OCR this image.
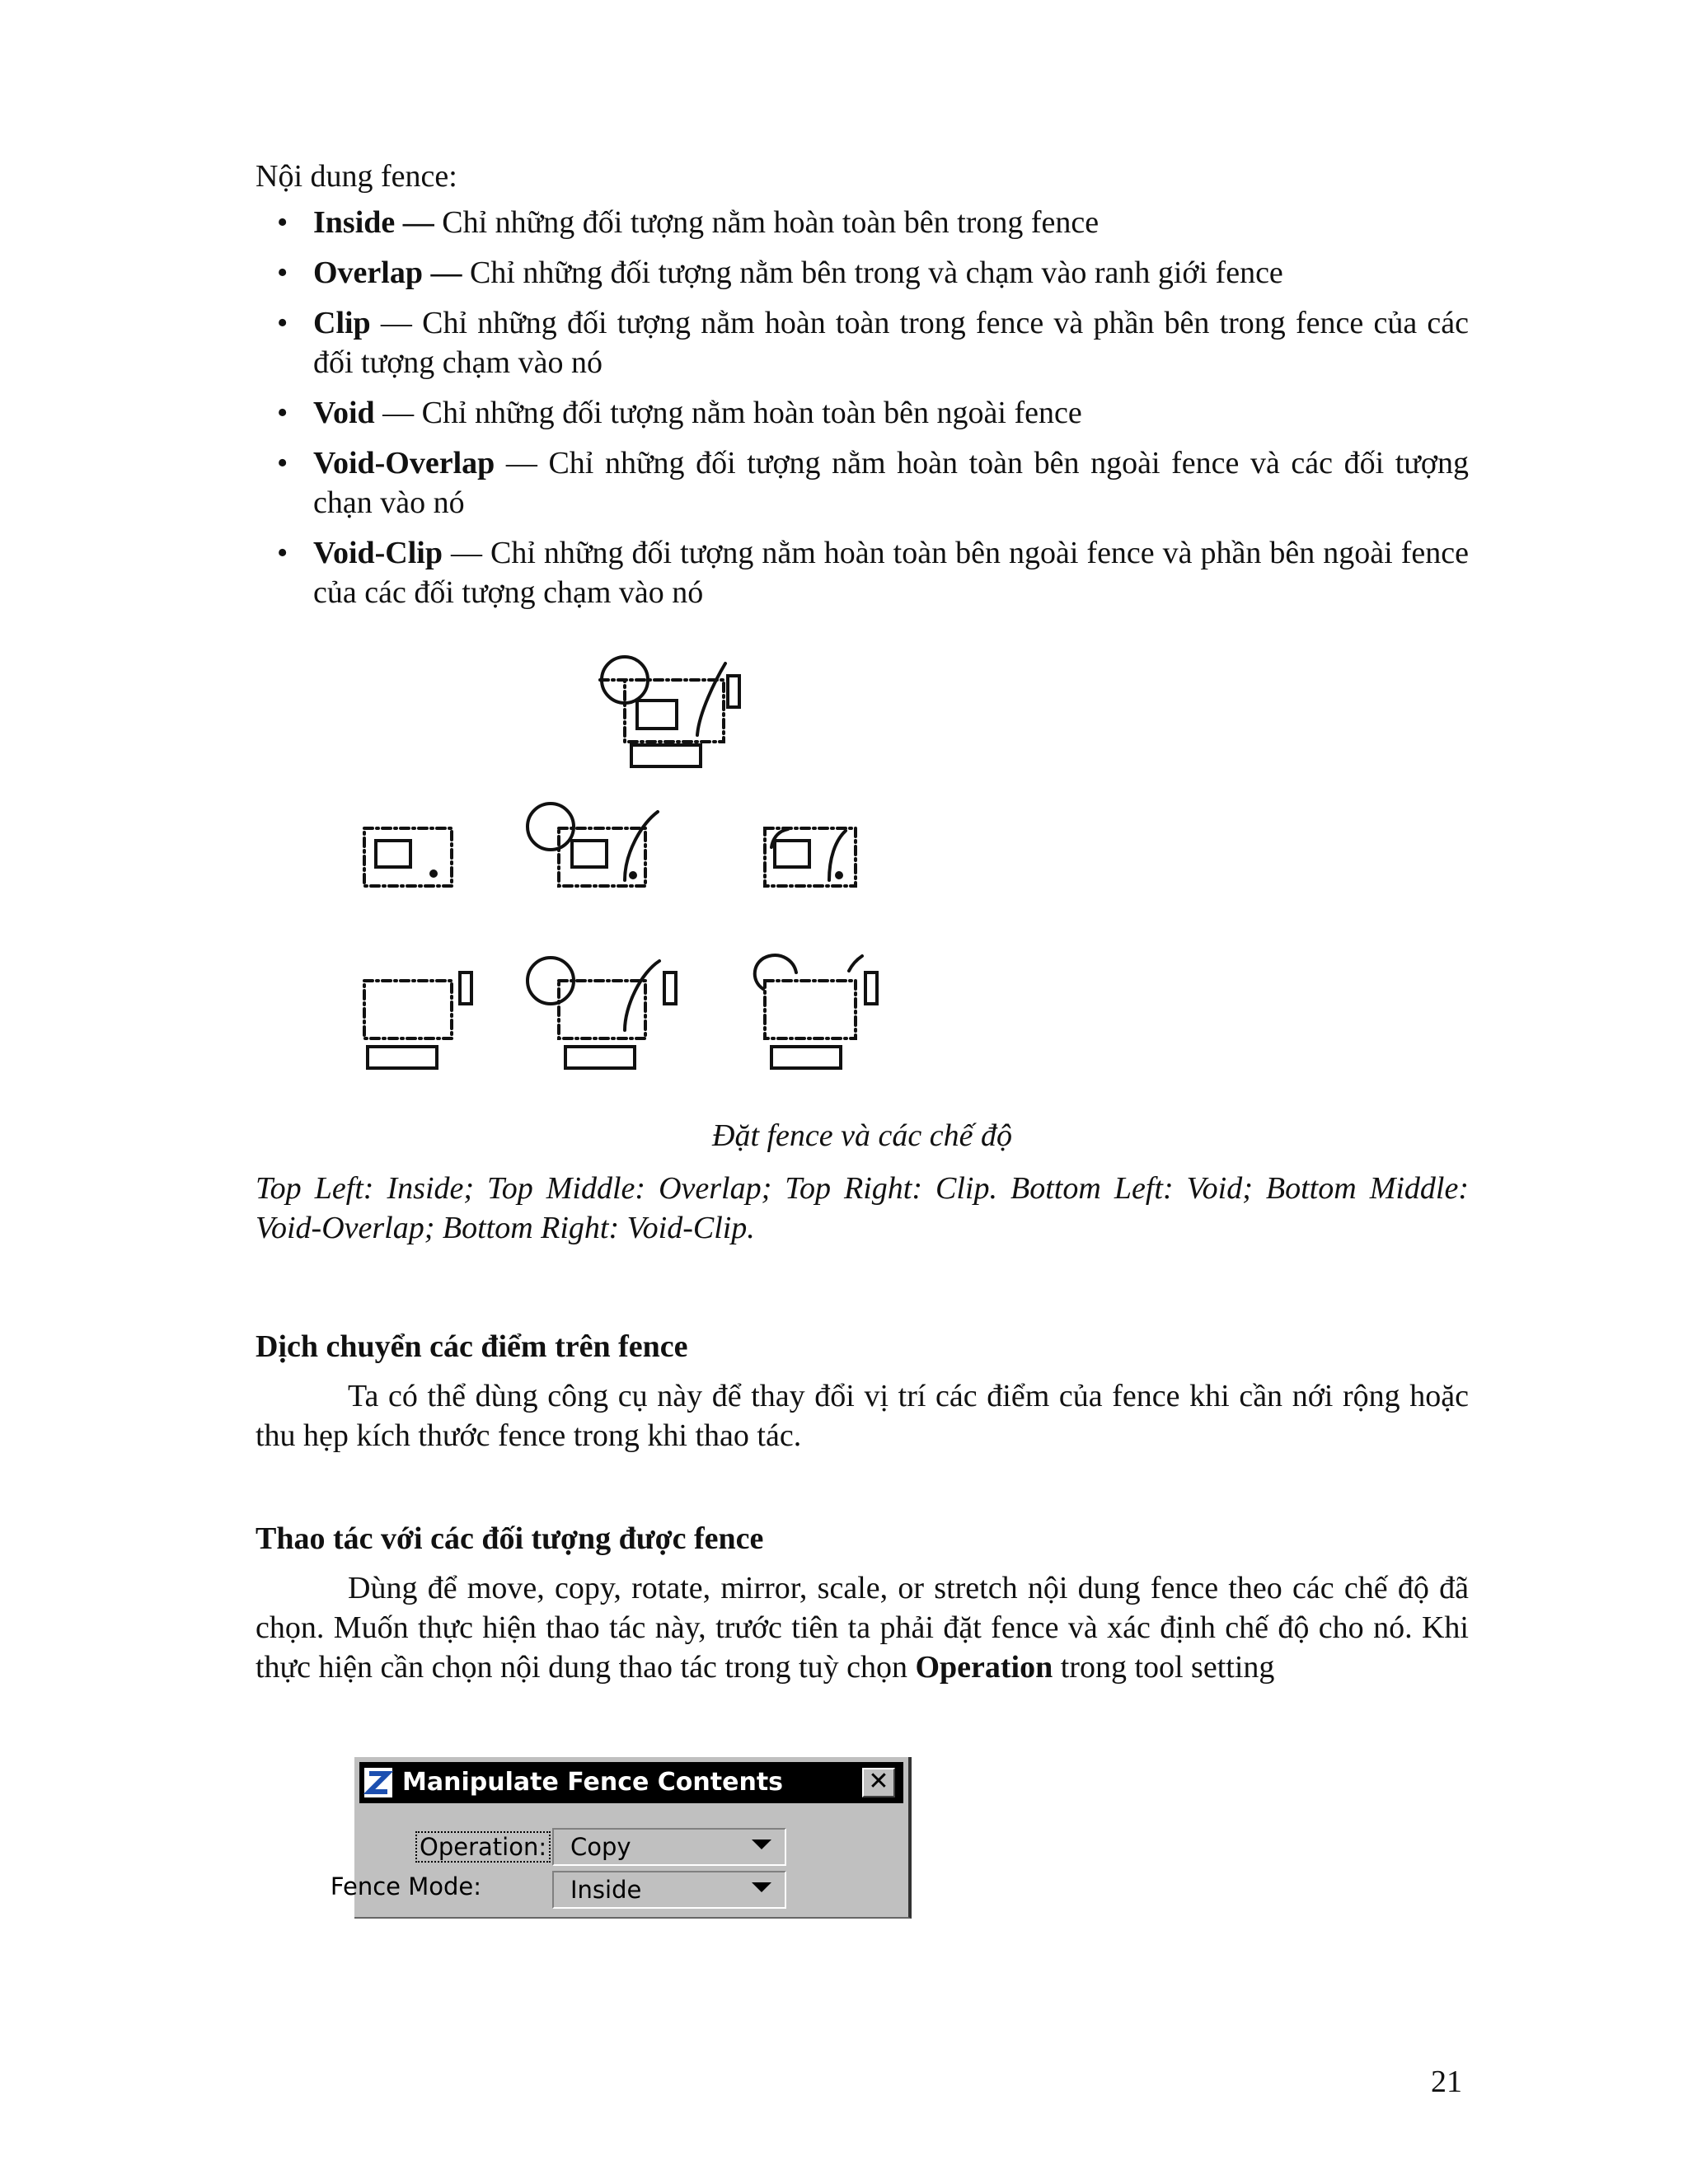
Nội dung fence:
• Inside — Chỉ những đối tượng nằm hoàn toàn bên trong fence
• Overlap — Chỉ những đối tượng nằm bên trong và chạm vào ranh giới fence
• Clip — Chỉ những đối tượng nằm hoàn toàn trong fence và phần bên trong fence của các đối tượng chạm vào nó
• Void — Chỉ những đối tượng nằm hoàn toàn bên ngoài fence
• Void-Overlap — Chỉ những đối tượng nằm hoàn toàn bên ngoài fence và các đối tượng chạn vào nó
• Void-Clip — Chỉ những đối tượng nằm hoàn toàn bên ngoài fence và phần bên ngoài fence của các đối tượng chạm vào nó
Đặt fence và các chế độ
Top Left: Inside; Top Middle: Overlap; Top Right: Clip. Bottom Left: Void; Bottom Middle: Void-Overlap; Bottom Right: Void-Clip.
Dịch chuyển các điểm trên fence
Ta có thể dùng công cụ này để thay đổi vị trí các điểm của fence khi cần nới rộng hoặc thu hẹp kích thước fence trong khi thao tác.
Thao tác với các đối tượng được fence
Dùng để move, copy, rotate, mirror, scale, or stretch nội dung fence theo các chế độ đã chọn. Muốn thực hiện thao tác này, trước tiên ta phải đặt fence và xác định chế độ cho nó. Khi thực hiện cần chọn nội dung thao tác trong tuỳ chọn Operation trong tool setting
Manipulate Fence Contents	✕
Operation: Copy
Fence Mode:	Inside
21
